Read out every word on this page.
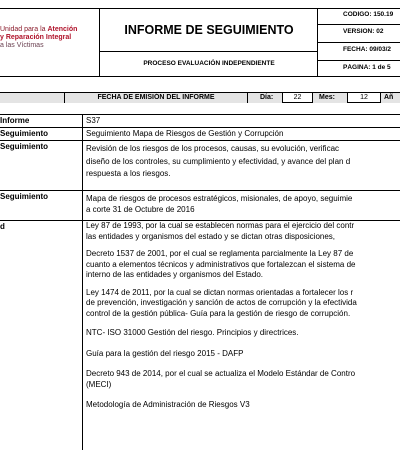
Unidad para la Atención
y Reparación Integral
a las Víctimas
INFORME DE SEGUIMIENTO
PROCESO EVALUACIÓN INDEPENDIENTE
CODIGO: 150.19
VERSIÓN: 02
FECHA: 09/03/2
PÁGINA: 1 de 5
FECHA DE EMISIÓN DEL INFORME	Día:	22	Mes:	12	Añ
Informe	S37
Seguimiento	Seguimiento Mapa de Riesgos de Gestión y Corrupción
Seguimiento	Revisión de los riesgos de los procesos, causas, su evolución, verificac
diseño de los controles, su cumplimiento y efectividad, y avance del plan d
respuesta a los riesgos.
Seguimiento	Mapa de riesgos de procesos estratégicos, misionales, de apoyo, seguimie
a corte 31 de Octubre de 2016
d	Ley 87 de 1993, por la cual se establecen normas para el ejercicio del contr
las entidades y organismos del estado y se dictan otras disposiciones,
Decreto 1537 de 2001, por el cual se reglamenta parcialmente la Ley 87 de
cuanto a elementos técnicos y administrativos que fortalezcan el sistema de
interno de las entidades y organismos del Estado.
Ley 1474 de 2011, por la cual se dictan normas orientadas a fortalecer los r
de prevención, investigación y sanción de actos de corrupción y la efectivida
control de la gestión pública- Guía para la gestión de riesgo de corrupción.
NTC- ISO 31000 Gestión del riesgo. Principios y directrices.
Guía para la gestión del riesgo 2015 - DAFP
Decreto 943 de 2014, por el cual se actualiza el Modelo Estándar de Contro
(MECI)
Metodología de Administración de Riesgos V3
